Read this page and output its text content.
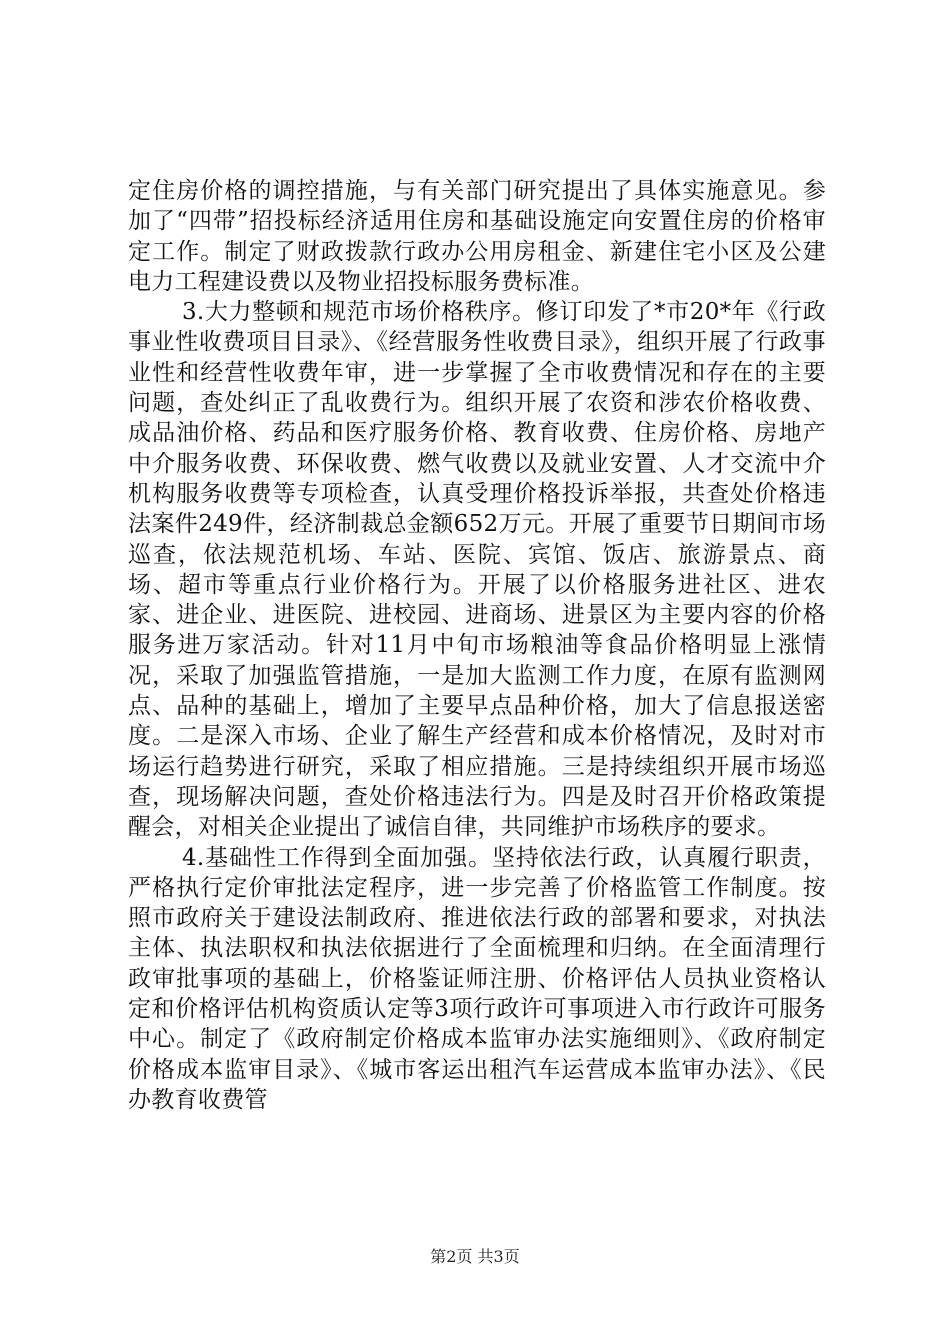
定住房价格的调控措施，与有关部门研究提出了具体实施意见。参加了“四带”招投标经济适用住房和基础设施定向安置住房的价格审定工作。制定了财政拨款行政办公用房租金、新建住宅小区及公建电力工程建设费以及物业招投标服务费标准。

3.大力整顿和规范市场价格秩序。修订印发了*市20*年《行政事业性收费项目目录》、《经营服务性收费目录》，组织开展了行政事业性和经营性收费年审，进一步掌握了全市收费情况和存在的主要问题，查处纠正了乱收费行为。组织开展了农资和涉农价格收费、成品油价格、药品和医疗服务价格、教育收费、住房价格、房地产中介服务收费、环保收费、燃气收费以及就业安置、人才交流中介机构服务收费等专项检查，认真受理价格投诉举报，共查处价格违法案件249件，经济制裁总金额652万元。开展了重要节日期间市场巡查，依法规范机场、车站、医院、宾馆、饭店、旅游景点、商场、超市等重点行业价格行为。开展了以价格服务进社区、进农家、进企业、进医院、进校园、进商场、进景区为主要内容的价格服务进万家活动。针对11月中旬市场粮油等食品价格明显上涨情况，采取了加强监管措施，一是加大监测工作力度，在原有监测网点、品种的基础上，增加了主要早点品种价格，加大了信息报送密度。二是深入市场、企业了解生产经营和成本价格情况，及时对市场运行趋势进行研究，采取了相应措施。三是持续组织开展市场巡查，现场解决问题，查处价格违法行为。四是及时召开价格政策提醒会，对相关企业提出了诚信自律，共同维护市场秩序的要求。

4.基础性工作得到全面加强。坚持依法行政，认真履行职责，严格执行定价审批法定程序，进一步完善了价格监管工作制度。按照市政府关于建设法制政府、推进依法行政的部署和要求，对执法主体、执法职权和执法依据进行了全面梳理和归纳。在全面清理行政审批事项的基础上，价格鉴证师注册、价格评估人员执业资格认定和价格评估机构资质认定等3项行政许可事项进入市行政许可服务中心。制定了《政府制定价格成本监审办法实施细则》、《政府制定价格成本监审目录》、《城市客运出租汽车运营成本监审办法》、《民办教育收费管

第2页 共3页
